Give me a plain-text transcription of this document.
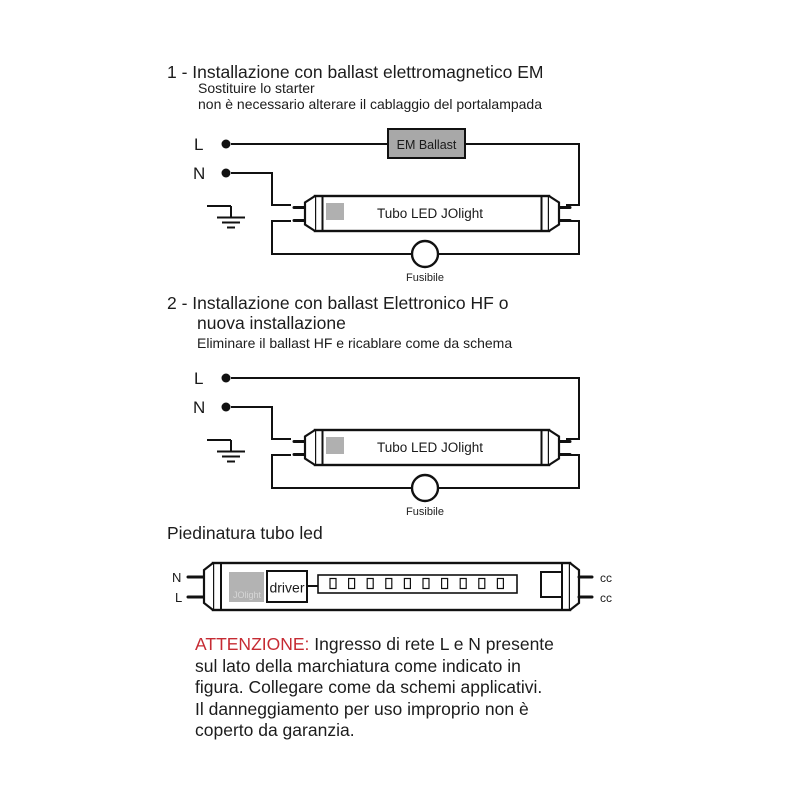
1 - Installazione con ballast elettromagnetico EM
Sostituire lo starter
non è necessario alterare il cablaggio del portalampada
L
N
EM Ballast
Fusibile
Tubo LED JOlight
2 - Installazione con ballast Elettronico HF o
nuova installazione
Eliminare il ballast HF e ricablare come da schema
L
N
Fusibile
Tubo LED JOlight
Piedinatura tubo led
N
L
cc
cc
JOlight driver
ATTENZIONE: Ingresso di rete L e N presente
sul lato della marchiatura come indicato in
figura. Collegare come da schemi applicativi.
Il danneggiamento per uso improprio non è
coperto da garanzia.
